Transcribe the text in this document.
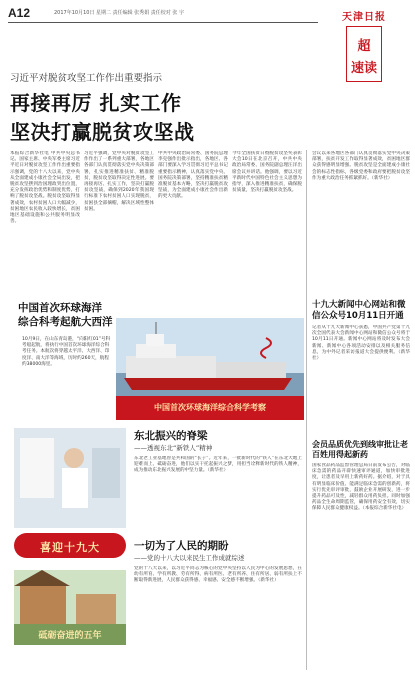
A12	2017年10月10日 星期二 责任编辑 张秀娟 责任校对 张 宇	天津日报
超
速读
习近平对脱贫攻坚工作作出重要指示
再接再厉 扎实工作
坚决打赢脱贫攻坚战
本报综合新华社电 中共中央总书记、国家主席、中央军委主席习近平近日对脱贫攻坚工作作出重要指示强调，党的十八大以来，党中央从全面建成小康社会全局出发，把脱贫攻坚摆到治国理政突出位置，充分发挥政治优势和制度优势，打响了脱贫攻坚战。脱贫攻坚取得显著成效，农村贫困人口大幅减少，贫困地区农民收入较快增长，贫困地区基础设施和公共服务明显改善。
习近平强调，党中央对脱贫攻坚工作作出了一系列重大部署，各地区各部门认真贯彻落实党中央决策部署，扎实推进精准扶贫、精准脱贫，脱贫攻坚取得决定性进展。要再接再厉、扎实工作，坚决打赢脱贫攻坚战，确保到2020年我国现行标准下农村贫困人口实现脱贫，贫困县全部摘帽，解决区域性整体贫困。
中共中央政治局常委、国务院总理李克强作出批示指出，各地区、各部门要深入学习贯彻习近平总书记重要指示精神，认真落实党中央、国务院决策部署，坚持精准扶贫精准脱贫基本方略，坚决打赢脱贫攻坚战，为全面建成小康社会作出新的更大贡献。
今年全国扶贫日暨脱贫攻坚奖表彰大会10日在北京召开，中共中央政治局常委、国务院副总理汪洋出席会议并讲话。他强调，要以习近平新时代中国特色社会主义思想为指导，深入推进精准扶贫，确保脱贫质量，坚决打赢脱贫攻坚战。
会议以来各地区各部门认真贯彻落实党中央决策部署，扶贫开发工作取得显著成效，贫困地区群众获得感明显增强。脱贫攻坚是全面建成小康社会的标志性指标，各级党委和政府要把脱贫攻坚作为重大政治任务抓紧抓好。（新华社）
十九大新闻中心网站和微信公众号10月11日开通
记者从十九大新闻中心获悉，中国共产党第十九次全国代表大会新闻中心网站和微信公众号将于10月11日开通。新闻中心网站将及时发布大会新闻、新闻中心各项活动安排以及相关服务信息，为中外记者采访报道大会提供便利。（新华社）
会员品质优先到线审批让老百姓用得起新药
国家食品药品监督管理总局日前发布公告，对临床急需的药品开辟快速审评通道，加快审批进度，让患者及早用上新药好药。据介绍，对于具有明显临床价值、能满足临床急需的创新药，将实行优先审评审批，鼓励企业开展研发，进一步提升药品可及性，减轻群众用药负担。同时加强药品全生命周期监管，确保用药安全有效，切实保障人民群众健康权益。（本报综合新华社电）
中国首次环球海洋
综合科考起航大西洋
10月9日，在山东青岛港，“向阳红01”号科考船起航，将执行中国首次环球海洋综合科考任务。本航次将穿越太平洋、大西洋、印度洋、南大洋等海域，历时约260天，航程约38000海里。
中国首次环球海洋综合科学考察
喜迎十九大
砥砺奋进的五年
东北振兴的脊梁
——透视东北“新铁人”精神
东北老工业基地曾是共和国的“长子”。近年来，一批新时代的“铁人”在东北大地上迎难而上、砥砺奋进，他们以实干托起振兴之梦，用担当诠释新时代的铁人精神，成为推动东北振兴发展的中坚力量。（新华社）
一切为了人民的期盼
——党的十八大以来民生工作成就综述
党的十八大以来，以习近平同志为核心的党中央坚持以人民为中心的发展思想，在幼有所育、学有所教、劳有所得、病有所医、老有所养、住有所居、弱有所扶上不断取得新进展，人民群众获得感、幸福感、安全感不断增强。（新华社）
